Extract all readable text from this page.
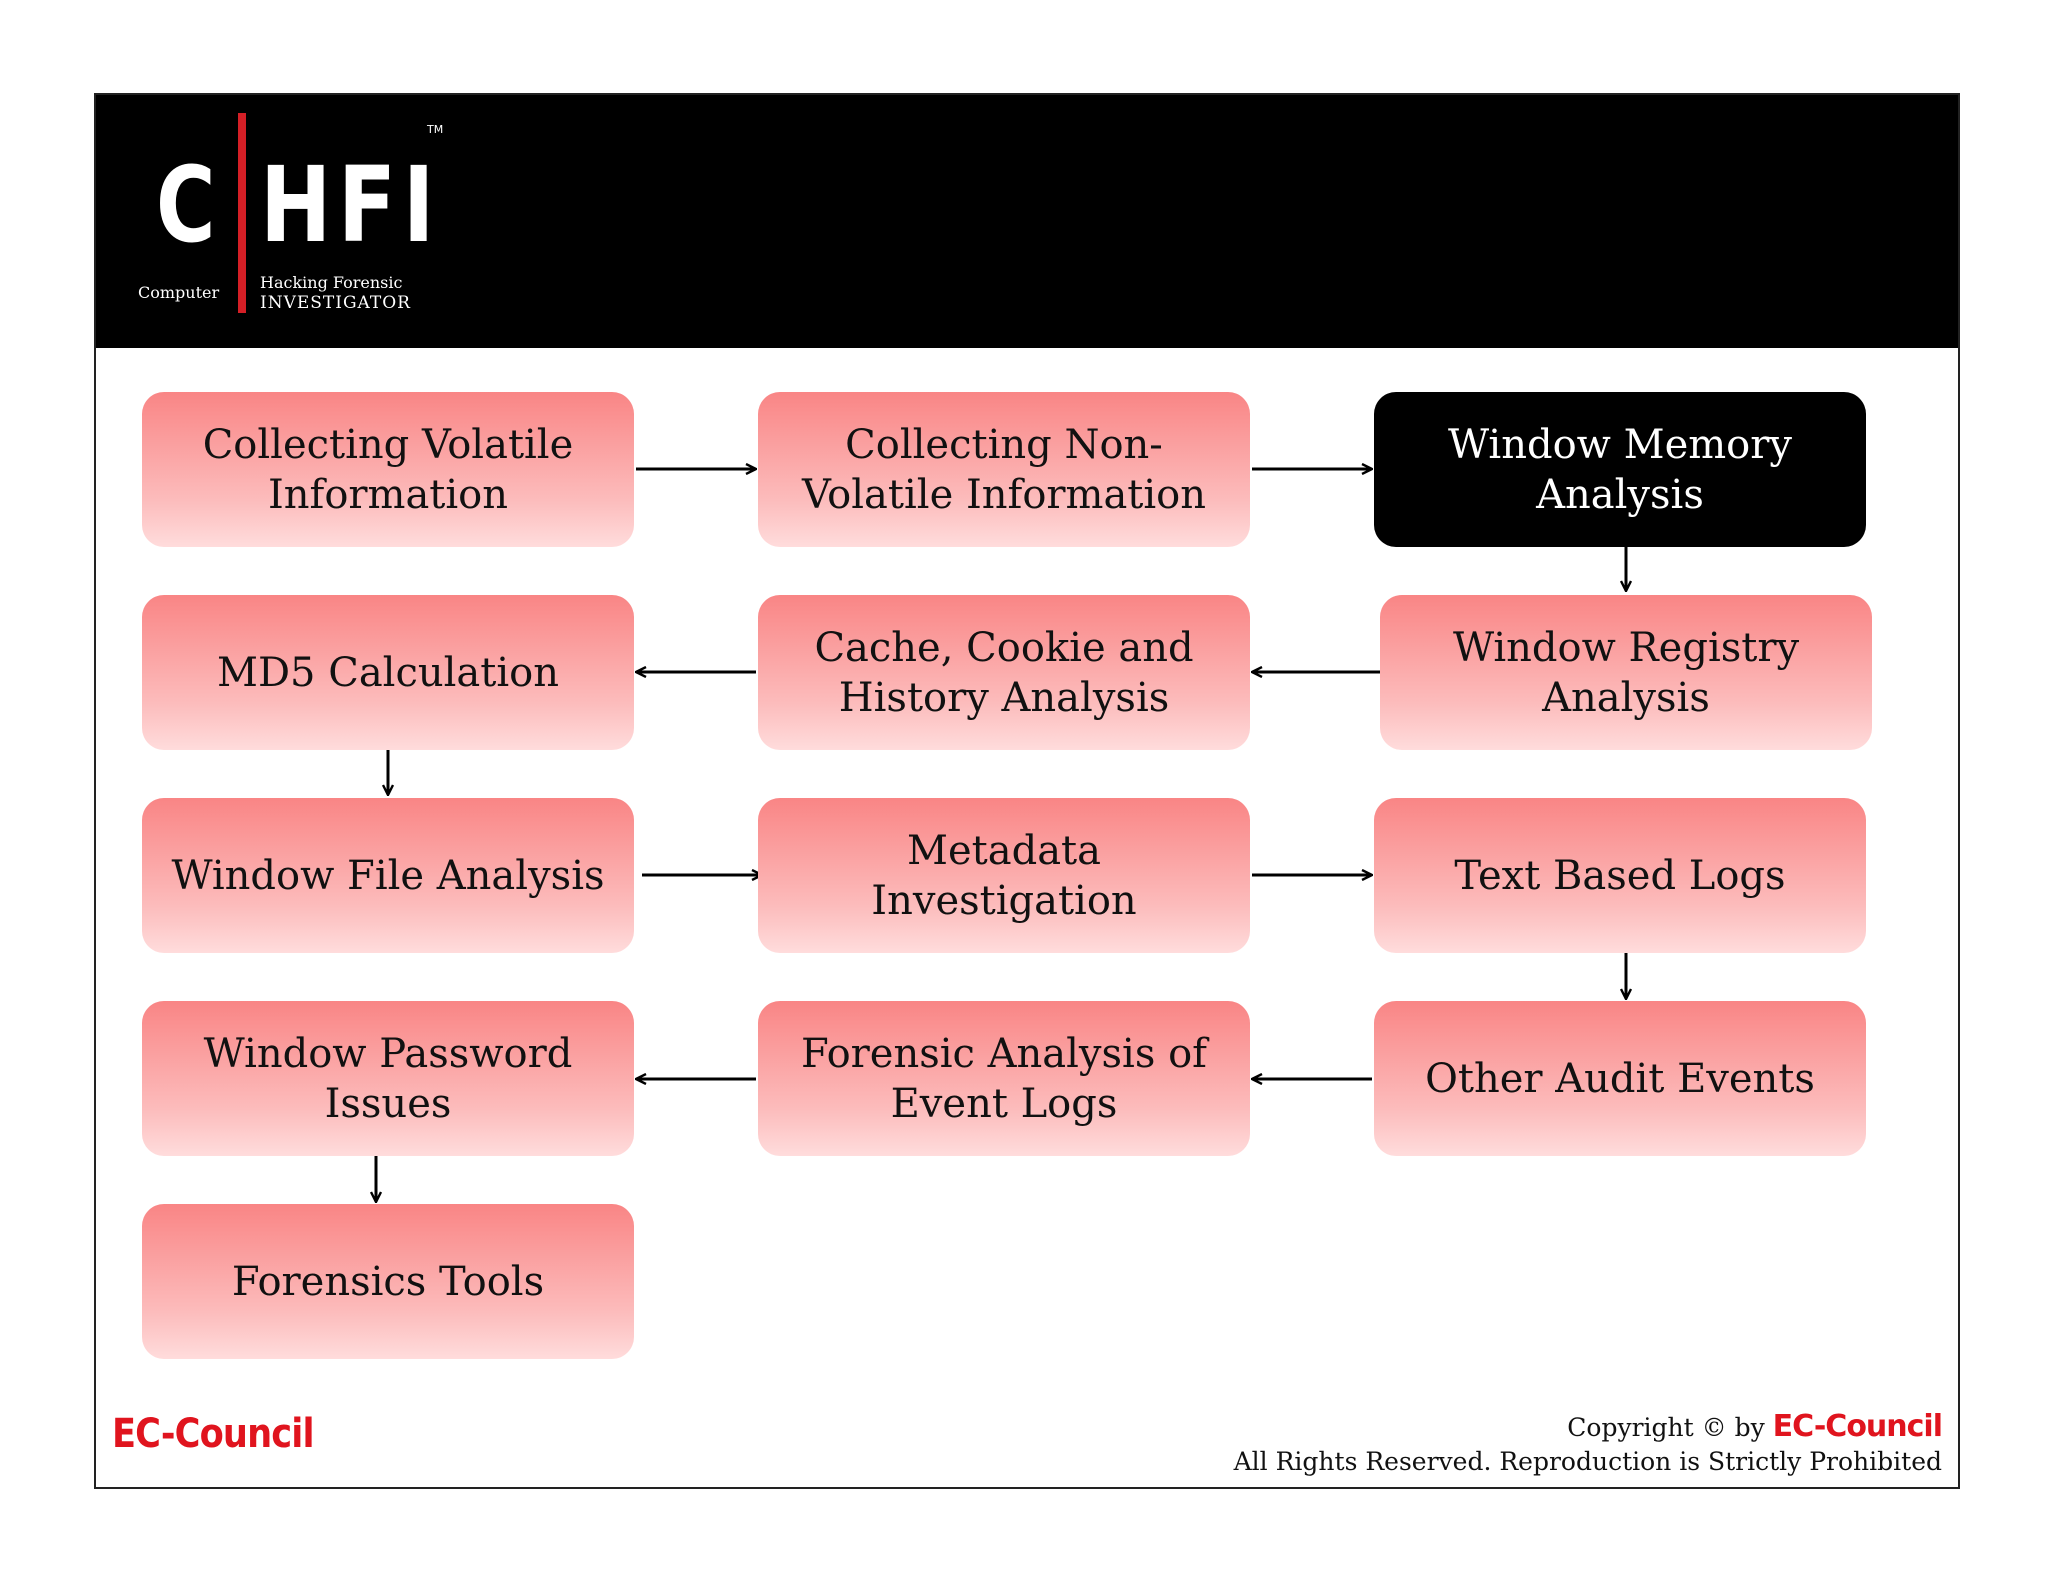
C HFI
TM
Computer
Hacking Forensic
INVESTIGATOR
Collecting Volatile
Information
Collecting Non-
Volatile Information
Window Memory
Analysis
MD5 Calculation
Cache, Cookie and
History Analysis
Window Registry
Analysis
Window File Analysis
Metadata Investigation
Text Based Logs
Window Password
Issues
Forensic Analysis of
Event Logs
Other Audit Events
Forensics Tools
EC-Council	Copyright © by EC-Council
All Rights Reserved. Reproduction is Strictly Prohibited
